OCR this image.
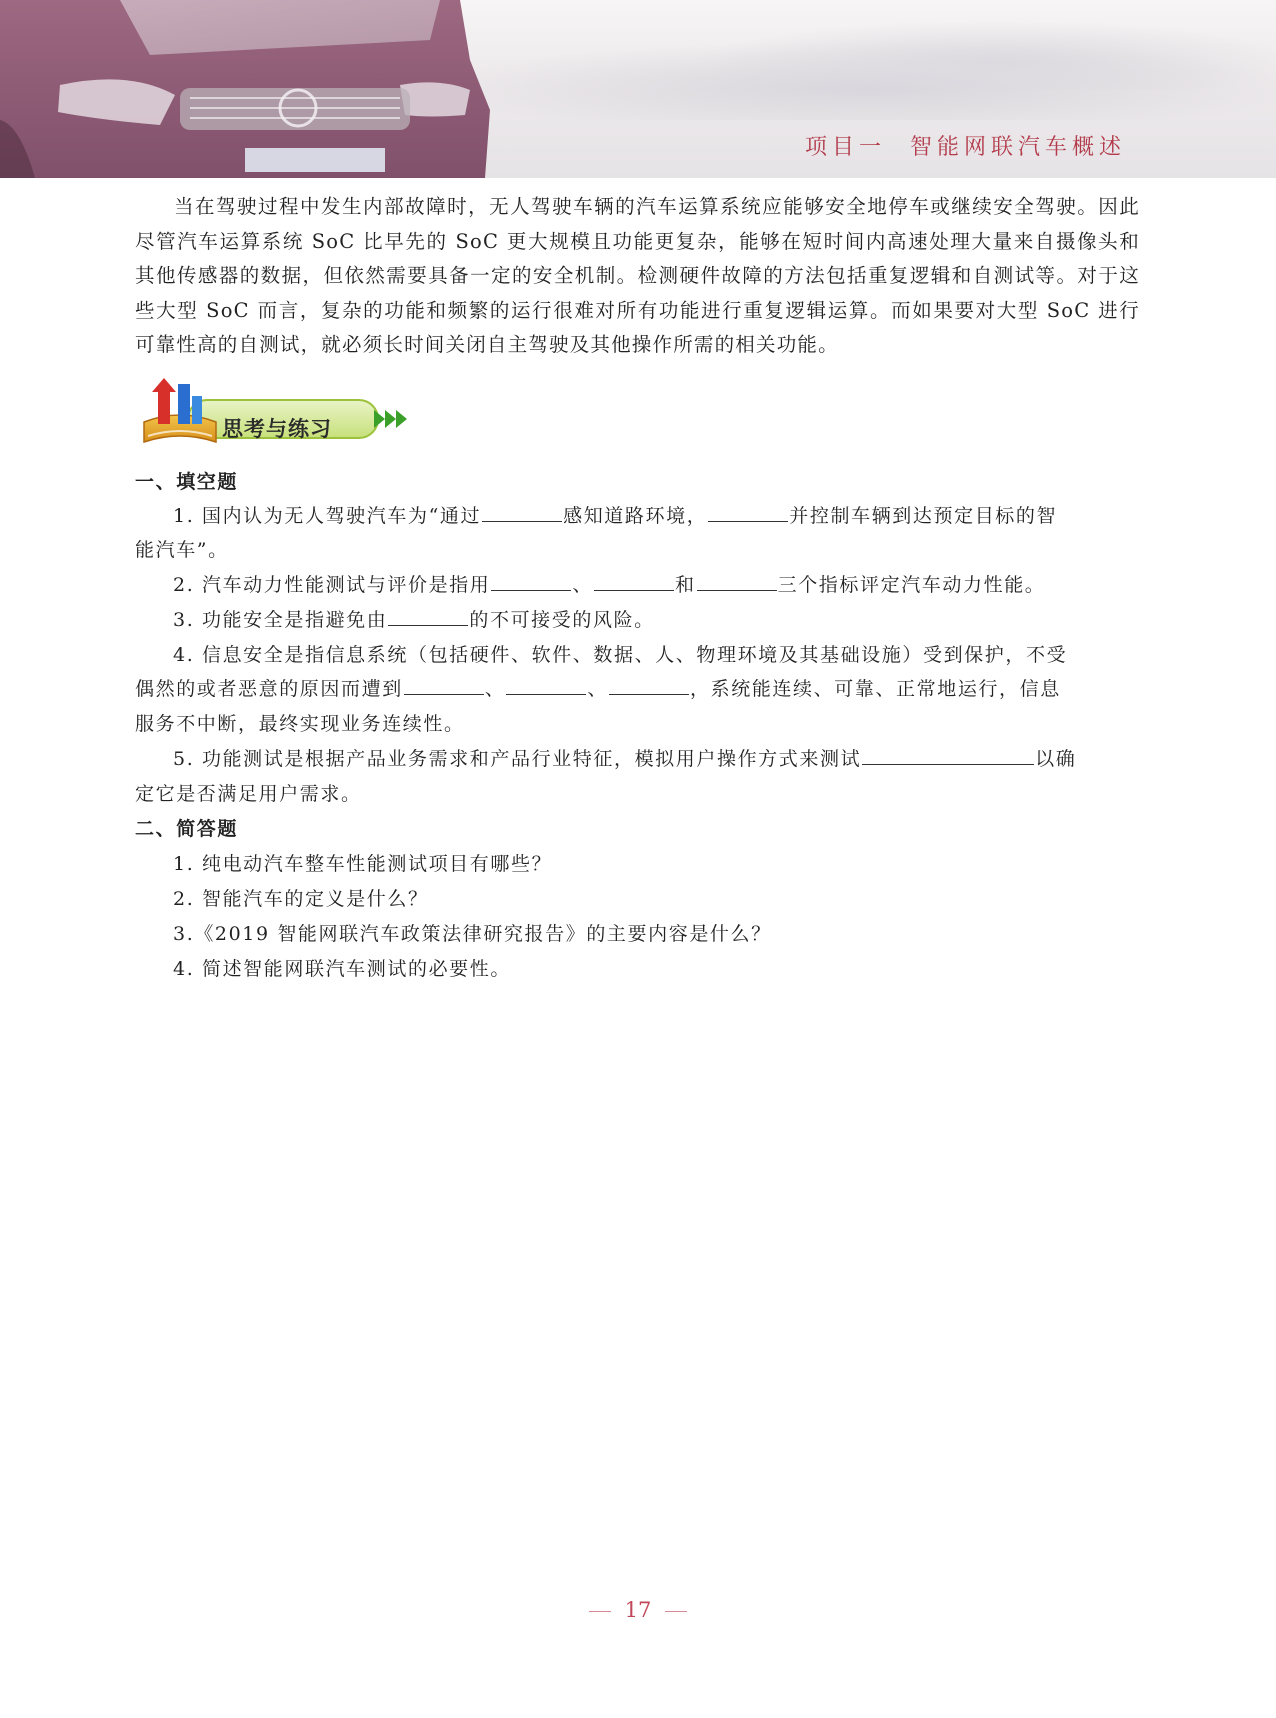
项目一 智能网联汽车概述
当在驾驶过程中发生内部故障时，无人驾驶车辆的汽车运算系统应能够安全地停车或继续安全驾驶。因此尽管汽车运算系统 SoC 比早先的 SoC 更大规模且功能更复杂，能够在短时间内高速处理大量来自摄像头和其他传感器的数据，但依然需要具备一定的安全机制。检测硬件故障的方法包括重复逻辑和自测试等。对于这些大型 SoC 而言，复杂的功能和频繁的运行很难对所有功能进行重复逻辑运算。而如果要对大型 SoC 进行可靠性高的自测试，就必须长时间关闭自主驾驶及其他操作所需的相关功能。
思考与练习
一、填空题
1. 国内认为无人驾驶汽车为“通过	感知道路环境，	并控制车辆到达预定目标的智
能汽车”。
2. 汽车动力性能测试与评价是指用	、	和	三个指标评定汽车动力性能。
3. 功能安全是指避免由	的不可接受的风险。
4. 信息安全是指信息系统（包括硬件、软件、数据、人、物理环境及其基础设施）受到保护，不受
偶然的或者恶意的原因而遭到	、	、	，系统能连续、可靠、正常地运行，信息
服务不中断，最终实现业务连续性。
5. 功能测试是根据产品业务需求和产品行业特征，模拟用户操作方式来测试	以确
定它是否满足用户需求。
二、简答题
1. 纯电动汽车整车性能测试项目有哪些？
2. 智能汽车的定义是什么？
3.《2019 智能网联汽车政策法律研究报告》的主要内容是什么？
4. 简述智能网联汽车测试的必要性。
17
